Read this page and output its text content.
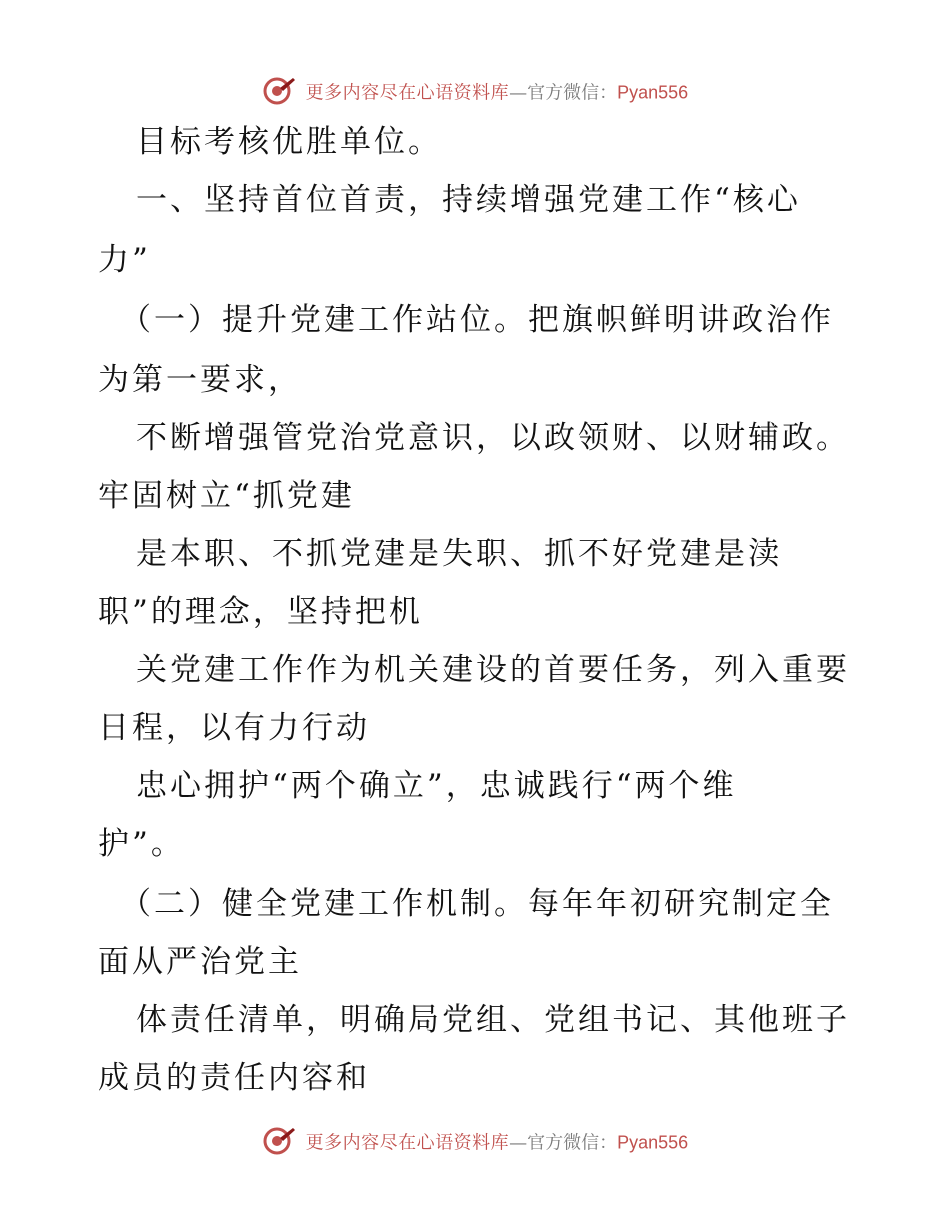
更多内容尽在心语资料库—官方微信：Pyan556
目标考核优胜单位。
一、坚持首位首责，持续增强党建工作“核心
力”
（一）提升党建工作站位。把旗帜鲜明讲政治作
为第一要求，
不断增强管党治党意识，以政领财、以财辅政。
牢固树立“抓党建
是本职、不抓党建是失职、抓不好党建是渎
职”的理念，坚持把机
关党建工作作为机关建设的首要任务，列入重要
日程，以有力行动
忠心拥护“两个确立”，忠诚践行“两个维
护”。
（二）健全党建工作机制。每年年初研究制定全
面从严治党主
体责任清单，明确局党组、党组书记、其他班子
成员的责任内容和
更多内容尽在心语资料库—官方微信：Pyan556
